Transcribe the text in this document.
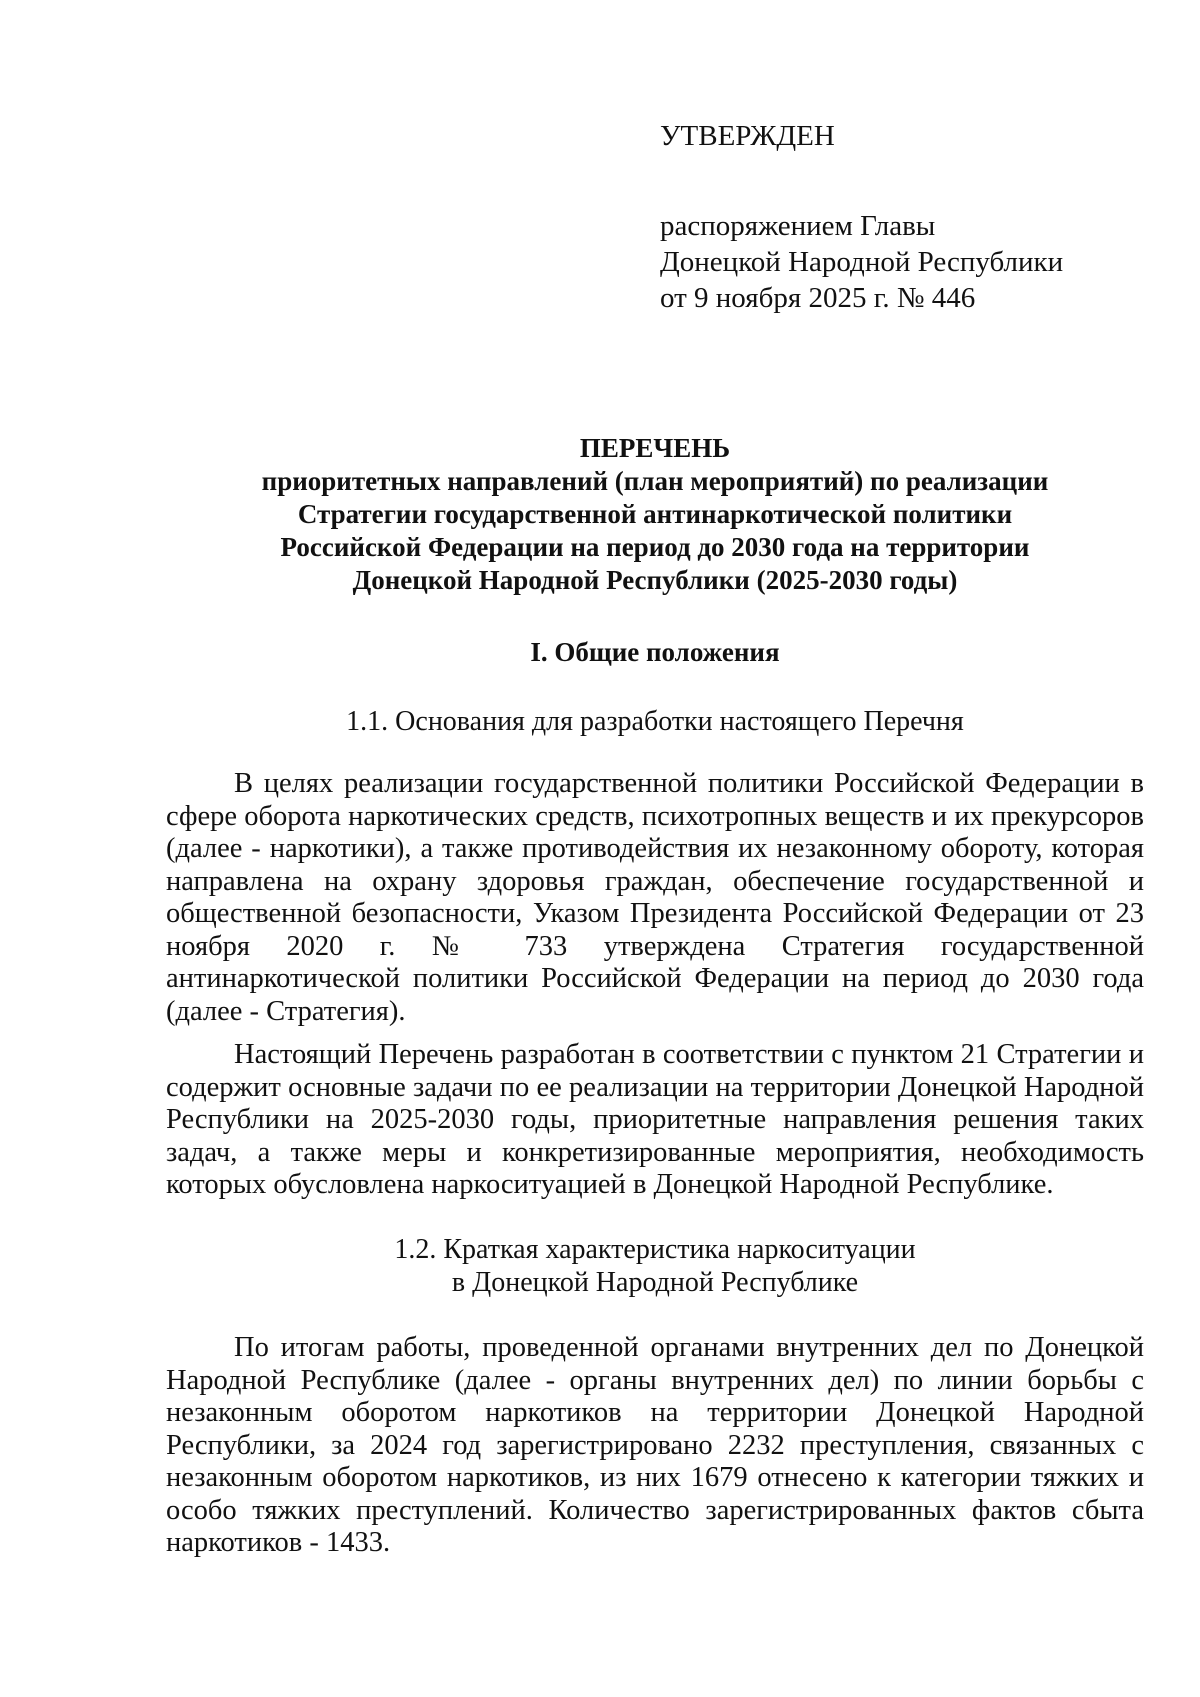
УТВЕРЖДЕН
распоряжением Главы
Донецкой Народной Республики
от 9 ноября 2025 г. № 446
ПЕРЕЧЕНЬ
приоритетных направлений (план мероприятий) по реализации
Стратегии государственной антинаркотической политики
Российской Федерации на период до 2030 года на территории
Донецкой Народной Республики (2025-2030 годы)
I. Общие положения
1.1. Основания для разработки настоящего Перечня

В целях реализации государственной политики Российской Федерации в сфере оборота наркотических средств, психотропных веществ и их прекурсоров (далее - наркотики), а также противодействия их незаконному обороту, которая направлена на охрану здоровья граждан, обеспечение государственной и общественной безопасности, Указом Президента Российской Федерации от 23 ноября 2020 г. № 733 утверждена Стратегия государственной антинаркотической политики Российской Федерации на период до 2030 года (далее - Стратегия).

Настоящий Перечень разработан в соответствии с пунктом 21 Стратегии и содержит основные задачи по ее реализации на территории Донецкой Народной Республики на 2025-2030 годы, приоритетные направления решения таких задач, а также меры и конкретизированные мероприятия, необходимость которых обусловлена наркоситуацией в Донецкой Народной Республике.

1.2. Краткая характеристика наркоситуации
в Донецкой Народной Республике

По итогам работы, проведенной органами внутренних дел по Донецкой Народной Республике (далее - органы внутренних дел) по линии борьбы с незаконным оборотом наркотиков на территории Донецкой Народной Республики, за 2024 год зарегистрировано 2232 преступления, связанных с незаконным оборотом наркотиков, из них 1679 отнесено к категории тяжких и особо тяжких преступлений. Количество зарегистрированных фактов сбыта наркотиков - 1433.
